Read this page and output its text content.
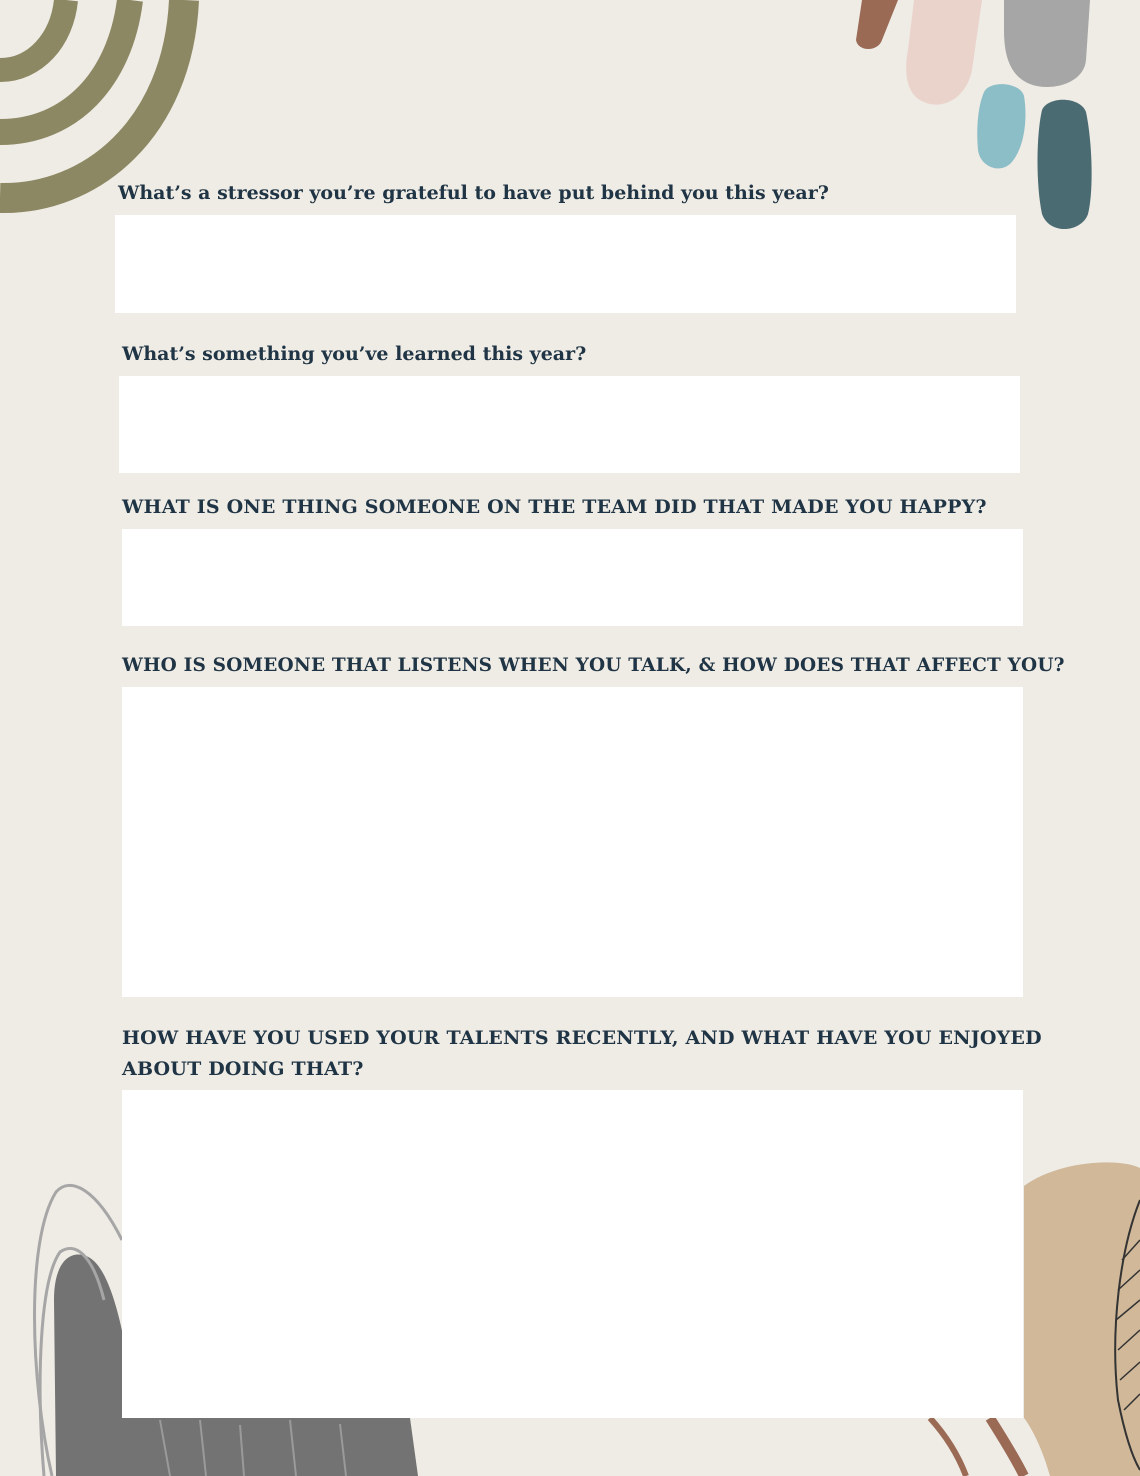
What’s a stressor you’re grateful to have put behind you this year?

What’s something you’ve learned this year?

WHAT IS ONE THING SOMEONE ON THE TEAM DID THAT MADE YOU HAPPY?

WHO IS SOMEONE THAT LISTENS WHEN YOU TALK, & HOW DOES THAT AFFECT YOU?

HOW HAVE YOU USED YOUR TALENTS RECENTLY, AND WHAT HAVE YOU ENJOYED ABOUT DOING THAT?
